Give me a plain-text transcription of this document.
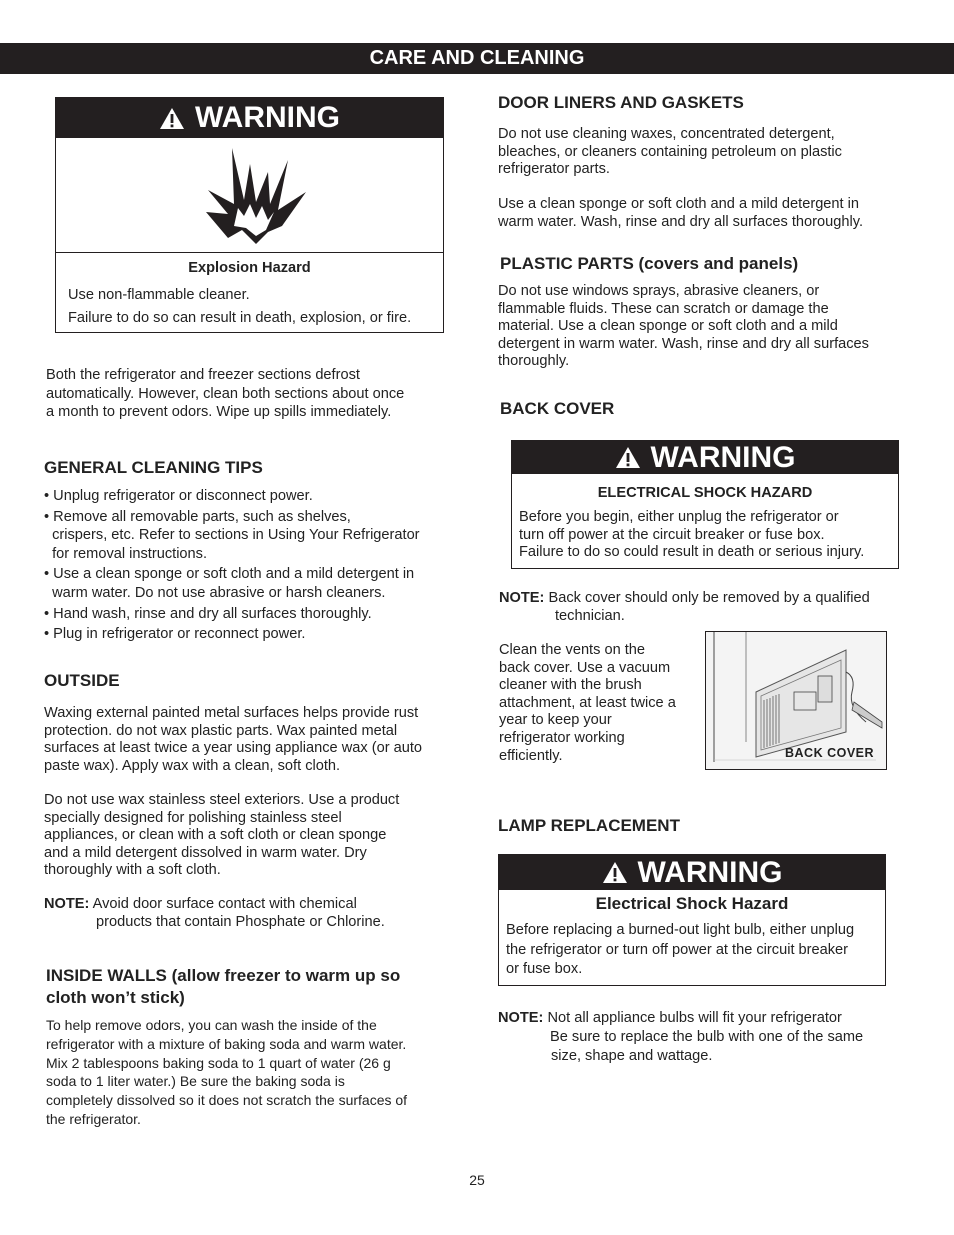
CARE AND CLEANING
WARNING
Explosion Hazard
Use non-flammable cleaner.
Failure to do so can result in death, explosion, or fire.
Both the refrigerator and freezer sections defrost
automatically. However, clean both sections about once
a month to prevent odors. Wipe up spills immediately.
GENERAL CLEANING TIPS
• Unplug refrigerator or disconnect power.
• Remove all removable parts, such as shelves,
crispers, etc. Refer to sections in Using Your Refrigerator
for removal instructions.
• Use a clean sponge or soft cloth and a mild detergent in
warm water. Do not use abrasive or harsh cleaners.
• Hand wash, rinse and dry all surfaces thoroughly.
• Plug in refrigerator or reconnect power.
OUTSIDE
Waxing external painted metal surfaces helps provide rust
protection. do not wax plastic parts. Wax painted metal
surfaces at least twice a year using appliance wax (or auto
paste wax). Apply wax with a clean, soft cloth.
Do not use wax stainless steel exteriors. Use a product
specially designed for polishing stainless steel
appliances, or clean with a soft cloth or clean sponge
and a mild detergent dissolved in warm water. Dry
thoroughly with a soft cloth.
NOTE: Avoid door surface contact with chemical
products that contain Phosphate or Chlorine.
INSIDE WALLS (allow freezer to warm up so
cloth won’t stick)
To help remove odors, you can wash the inside of the
refrigerator with a mixture of baking soda and warm water.
Mix 2 tablespoons baking soda to 1 quart of water (26 g
soda to 1 liter water.) Be sure the baking soda is
completely dissolved so it does not scratch the surfaces of
the refrigerator.
DOOR LINERS AND GASKETS
Do not use cleaning waxes, concentrated detergent,
bleaches, or cleaners containing petroleum on plastic
refrigerator parts.
Use a clean sponge or soft cloth and a mild detergent in
warm water. Wash, rinse and dry all surfaces thoroughly.
PLASTIC PARTS (covers and panels)
Do not use windows sprays, abrasive cleaners, or
flammable fluids. These can scratch or damage the
material. Use a clean sponge or soft cloth and a mild
detergent in warm water. Wash, rinse and dry all surfaces
thoroughly.
BACK COVER
WARNING
ELECTRICAL SHOCK HAZARD
Before you begin, either unplug the refrigerator or
turn off power at the circuit breaker or fuse box.
Failure to do so could result in death or serious injury.
NOTE: Back cover should only be removed by a qualified
technician.
Clean the vents on the
back cover. Use a vacuum
cleaner with the brush
attachment, at least twice a
year to keep your
refrigerator working
efficiently.	BACK COVER
LAMP REPLACEMENT
WARNING
Electrical Shock Hazard
Before replacing a burned-out light bulb, either unplug
the refrigerator or turn off power at the circuit breaker
or fuse box.
NOTE: Not all appliance bulbs will fit your refrigerator
Be sure to replace the bulb with one of the same
size, shape and wattage.
25
